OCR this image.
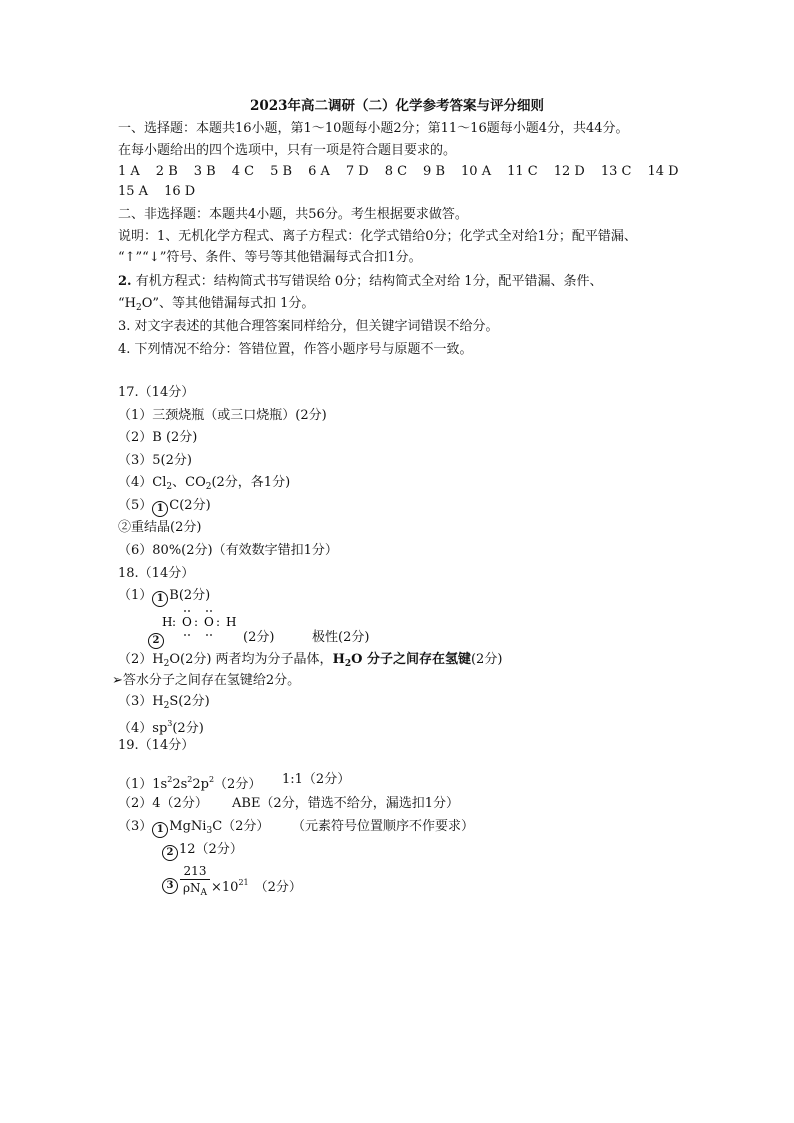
2023年高二调研（二）化学参考答案与评分细则
一、选择题：本题共16小题，第1～10题每小题2分；第11～16题每小题4分，共44分。
在每小题给出的四个选项中，只有一项是符合题目要求的。
1 A 2 B 3 B 4 C 5 B 6 A 7 D 8 C 9 B 10 A 11 C 12 D 13 C 14 D
15 A 16 D
二、非选择题：本题共4小题，共56分。考生根据要求做答。
说明：1、无机化学方程式、离子方程式：化学式错给0分；化学式全对给1分；配平错漏、
“↑”“↓”符号、条件、等号等其他错漏每式合扣1分。
2. 有机方程式：结构简式书写错误给 0分；结构简式全对给 1分，配平错漏、条件、
“$H_2O$”、等其他错漏每式扣 1分。
3. 对文字表述的其他合理答案同样给分，但关键字词错误不给分。
4. 下列情况不给分：答错位置，作答小题序号与原题不一致。
17.（14分）
（1）三颈烧瓶（或三口烧瓶）(2分)
（2）B (2分)
（3）5(2分)
$(4)Cl_2$、$CO_2(2$分，各1分)
（5） 1 C(2分)
②重结晶(2分)
（6）80%(2分)（有效数字错扣1分）
18.（14分）
（1） 1 B(2分)
H : O : O : H
2	(2分)	极性(2分)
$(2)H_2O(2$分) 两者均为分子晶体，$H_2O$ 分子之间存在氢键(2分)
➢答水分子之间存在氢键给2分。
$(3)H_2S(2$分)
$(4)sp^3(2$分)
19.（14分）
$(1)1s^22s^22p^2(2$分） 1:1（2分）
（2）4（2分） ABE（2分，错选不给分，漏选扣1分）
（3） 1 MgNi$_3$C（2分） （元素符号位置顺序不作要求）
2 12（2分）
3
213
$\rho N_A \times 10^{21}$ （2分）
